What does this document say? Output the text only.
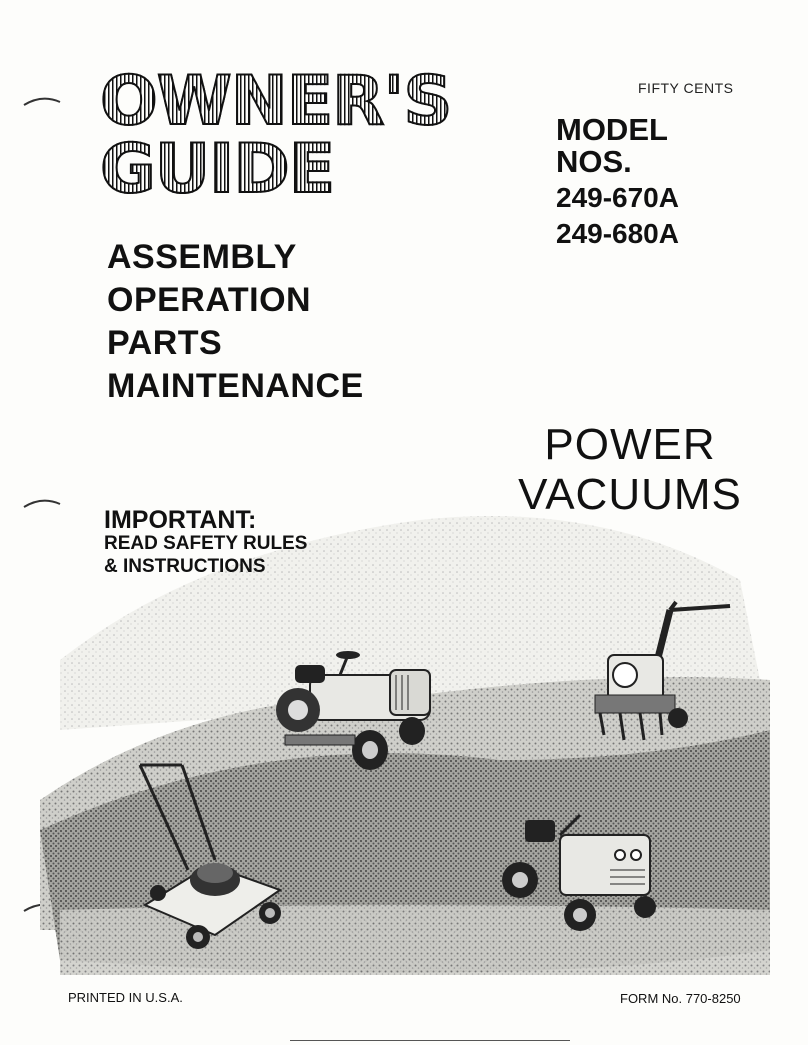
OWNER'S
GUIDE
FIFTY CENTS
MODEL
NOS.
249-670A
249-680A
ASSEMBLY
OPERATION
PARTS
MAINTENANCE
POWER
VACUUMS
IMPORTANT:
READ SAFETY RULES
& INSTRUCTIONS
PRINTED IN U.S.A.	FORM No. 770-8250
